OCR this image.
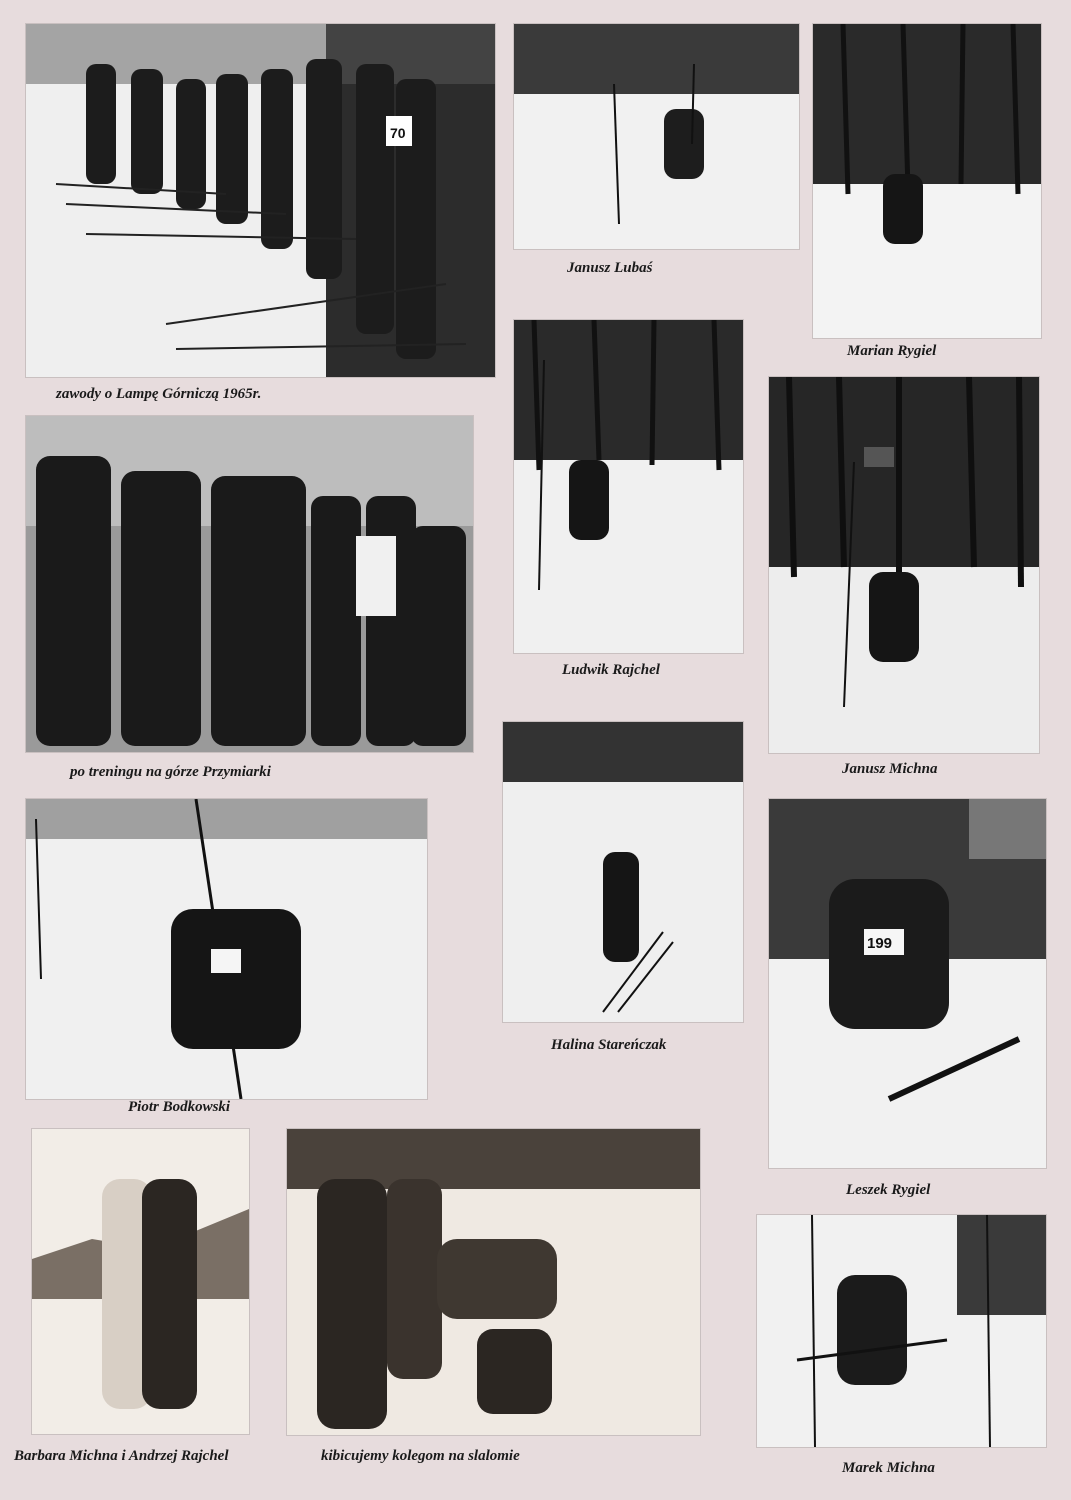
70
zawody o Lampę Górniczą 1965r.
Janusz Lubaś
Marian Rygiel
po treningu na górze Przymiarki
Ludwik Rajchel
Janusz Michna
Piotr Bodkowski
Halina Stareńczak
199
Leszek Rygiel
Barbara Michna i Andrzej Rajchel	kibicujemy kolegom na slalomie
Marek Michna
